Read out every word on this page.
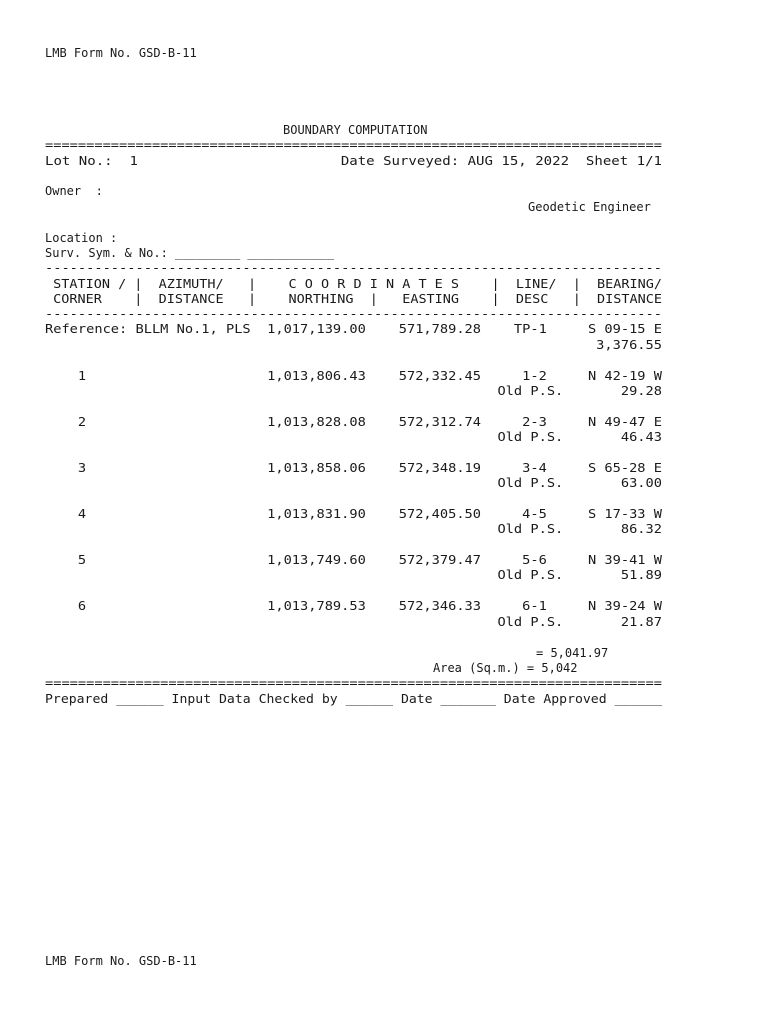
LMB Form No. GSD-B-11
BOUNDARY COMPUTATION
===========================================================================
Lot No.:  1                        Date Surveyed: AUG 15, 2022  Sheet 1/1
Owner  :
Geodetic Engineer
Location :
Surv. Sym. & No.: _________ ____________
---------------------------------------------------------------------------
STATION / |  AZIMUTH/   |    C O O R D I N A T E S    |  LINE/  |  BEARING/
CORNER    |  DISTANCE   |    NORTHING  |   EASTING    |  DESC   |  DISTANCE
---------------------------------------------------------------------------
Reference: BLLM No.1, PLS  1,017,139.00    571,789.28    TP-1     S 09-15 E
3,376.55
1                      1,013,806.43    572,332.45     1-2     N 42-19 W
Old P.S.       29.28
2                      1,013,828.08    572,312.74     2-3     N 49-47 E
Old P.S.       46.43
3                      1,013,858.06    572,348.19     3-4     S 65-28 E
Old P.S.       63.00
4                      1,013,831.90    572,405.50     4-5     S 17-33 W
Old P.S.       86.32
5                      1,013,749.60    572,379.47     5-6     N 39-41 W
Old P.S.       51.89
6                      1,013,789.53    572,346.33     6-1     N 39-24 W
Old P.S.       21.87
= 5,041.97
Area (Sq.m.) = 5,042
===========================================================================
Prepared ______ Input Data Checked by ______ Date _______ Date Approved ______
LMB Form No. GSD-B-11
